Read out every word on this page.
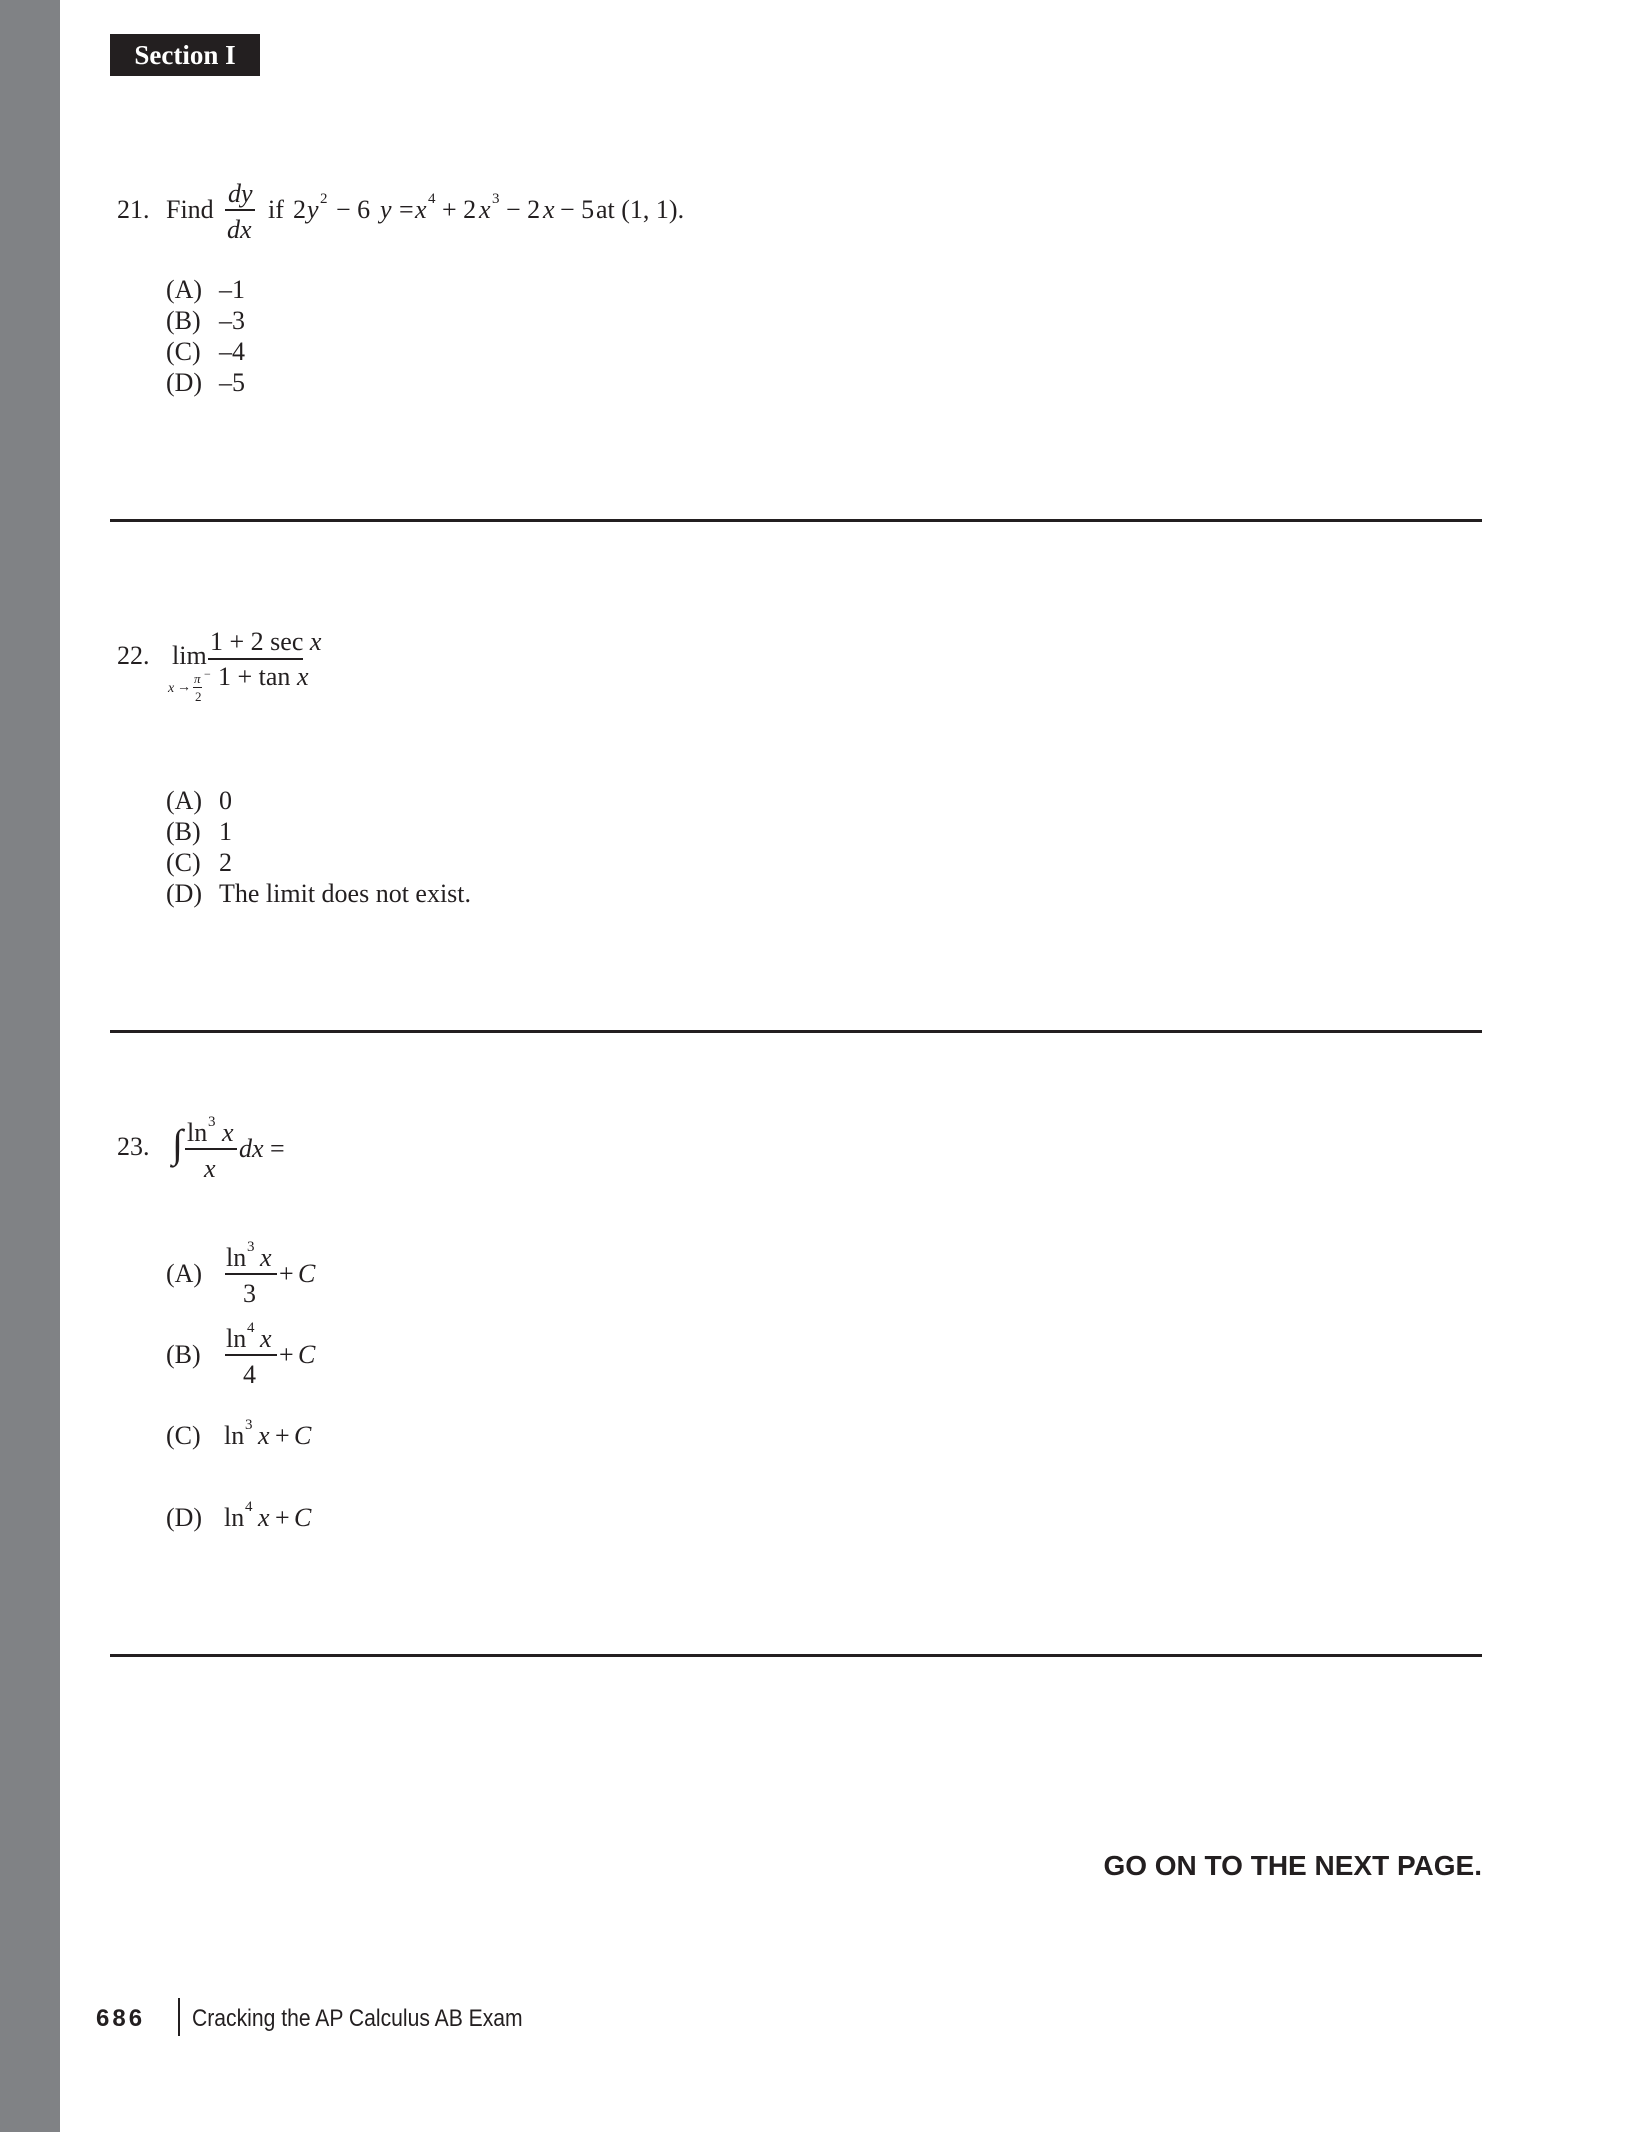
Section I
21. Find
dy
dx
if 2 y 2 − 6 y = x 4 + 2 x 3 − 2 x − 5 at (1, 1).
(A) –1
(B) –3
(C) –4
(D) –5
22. lim 1 + 2 sec x
1 + tan x
x →
π −
2
(A) 0
(B) 1
(C) 2
(D) The limit does not exist.
23. ∫ ln 3 x
x
dx =
(A)
ln 3 x
3
+ C
(B)
ln 4 x
4
+ C
(C) ln 3 x + C
(D) ln 4 x + C
GO ON TO THE NEXT PAGE.
686 Cracking the AP Calculus AB Exam
